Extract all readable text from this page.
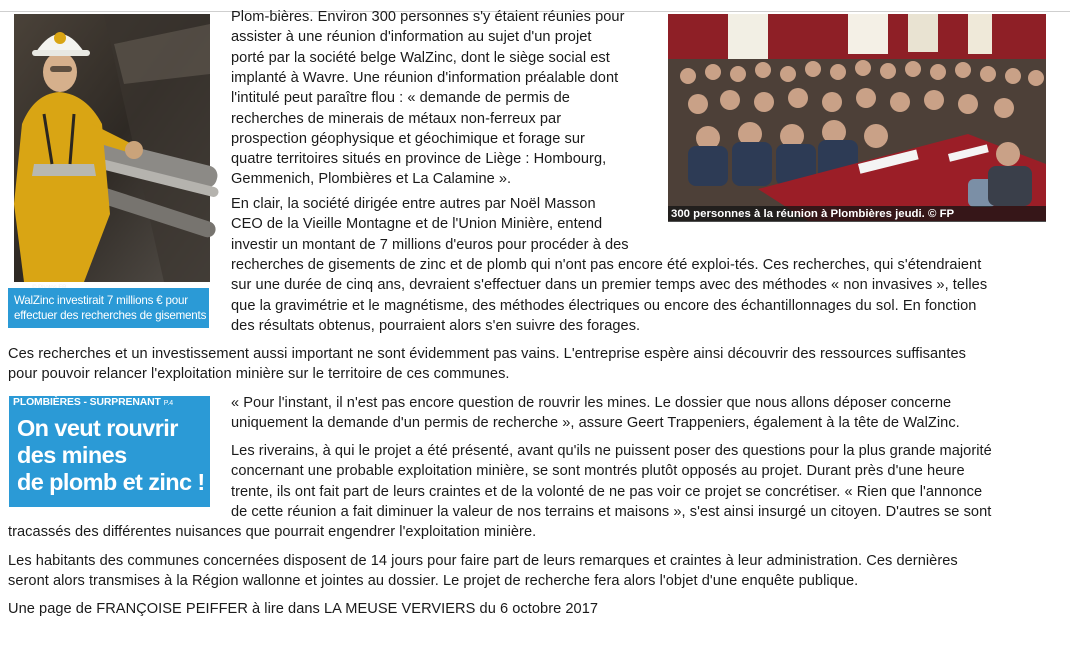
WalZinc investirait 7 millions € pour
effectuer des recherches de gisements
300 personnes à la réunion à Plombières jeudi. © FP
PLOMBIÈRES - SURPRENANT P.4
On veut rouvrir
des mines
de plomb et zinc !
Plom-bières. Environ 300 personnes s'y étaient réunies pour
assister à une réunion d'information au sujet d'un projet
porté par la société belge WalZinc, dont le siège social est
implanté à Wavre. Une réunion d'information préalable dont
l'intitulé peut paraître flou : « demande de permis de
recherches de minerais de métaux non-ferreux par
prospection géophysique et géochimique et forage sur
quatre territoires situés en province de Liège : Hombourg,
Gemmenich, Plombières et La Calamine ».
En clair, la société dirigée entre autres par Noël Masson
CEO de la Vieille Montagne et de l'Union Minière, entend
investir un montant de 7 millions d'euros pour procéder à des
recherches de gisements de zinc et de plomb qui n'ont pas encore été exploi-tés. Ces recherches, qui s'étendraient
sur une durée de cinq ans, devraient s'effectuer dans un premier temps avec des méthodes « non invasives », telles
que la gravimétrie et le magnétisme, des méthodes électriques ou encore des échantillonnages du sol. En fonction
des résultats obtenus, pourraient alors s'en suivre des forages.
Ces recherches et un investissement aussi important ne sont évidemment pas vains. L'entreprise espère ainsi découvrir des ressources suffisantes
pour pouvoir relancer l'exploitation minière sur le territoire de ces communes.
« Pour l'instant, il n'est pas encore question de rouvrir les mines. Le dossier que nous allons déposer concerne
uniquement la demande d'un permis de recherche », assure Geert Trappeniers, également à la tête de WalZinc.
Les riverains, à qui le projet a été présenté, avant qu'ils ne puissent poser des questions pour la plus grande majorité
concernant une probable exploitation minière, se sont montrés plutôt opposés au projet. Durant près d'une heure
trente, ils ont fait part de leurs craintes et de la volonté de ne pas voir ce projet se concrétiser. « Rien que l'annonce
de cette réunion a fait diminuer la valeur de nos terrains et maisons », s'est ainsi insurgé un citoyen. D'autres se sont
tracassés des différentes nuisances que pourrait engendrer l'exploitation minière.
Les habitants des communes concernées disposent de 14 jours pour faire part de leurs remarques et craintes à leur administration. Ces dernières
seront alors transmises à la Région wallonne et jointes au dossier. Le projet de recherche fera alors l'objet d'une enquête publique.
Une page de FRANÇOISE PEIFFER à lire dans LA MEUSE VERVIERS du 6 octobre 2017
